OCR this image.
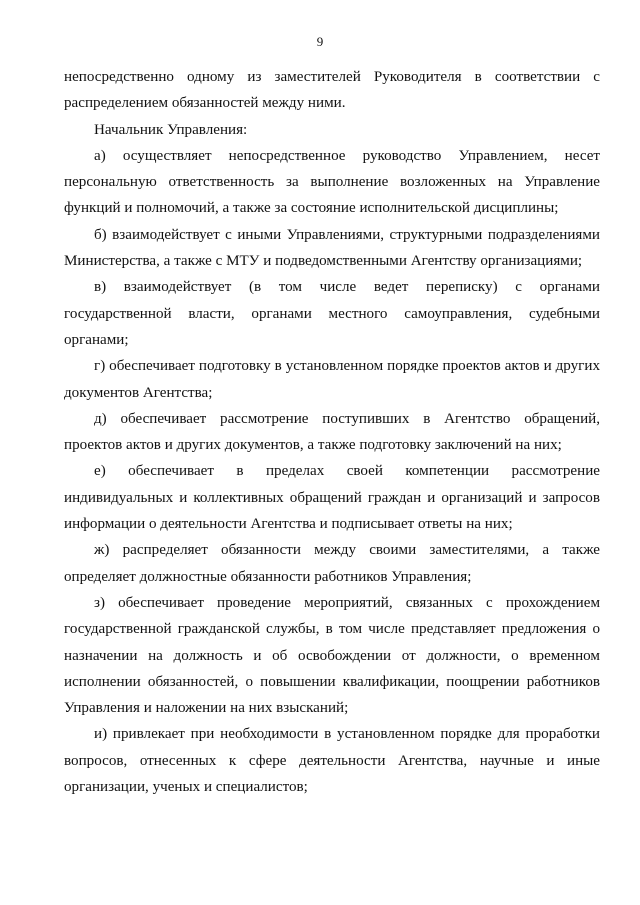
9

непосредственно одному из заместителей Руководителя в соответствии с распределением обязанностей между ними.

Начальник Управления:

а) осуществляет непосредственное руководство Управлением, несет персональную ответственность за выполнение возложенных на Управление функций и полномочий, а также за состояние исполнительской дисциплины;

б) взаимодействует с иными Управлениями, структурными подразделениями Министерства, а также с МТУ и подведомственными Агентству организациями;

в) взаимодействует (в том числе ведет переписку) с органами государственной власти, органами местного самоуправления, судебными органами;

г) обеспечивает подготовку в установленном порядке проектов актов и других документов Агентства;

д) обеспечивает рассмотрение поступивших в Агентство обращений, проектов актов и других документов, а также подготовку заключений на них;

е) обеспечивает в пределах своей компетенции рассмотрение индивидуальных и коллективных обращений граждан и организаций и запросов информации о деятельности Агентства и подписывает ответы на них;

ж) распределяет обязанности между своими заместителями, а также определяет должностные обязанности работников Управления;

з) обеспечивает проведение мероприятий, связанных с прохождением государственной гражданской службы, в том числе представляет предложения о назначении на должность и об освобождении от должности, о временном исполнении обязанностей, о повышении квалификации, поощрении работников Управления и наложении на них взысканий;

и) привлекает при необходимости в установленном порядке для проработки вопросов, отнесенных к сфере деятельности Агентства, научные и иные организации, ученых и специалистов;
